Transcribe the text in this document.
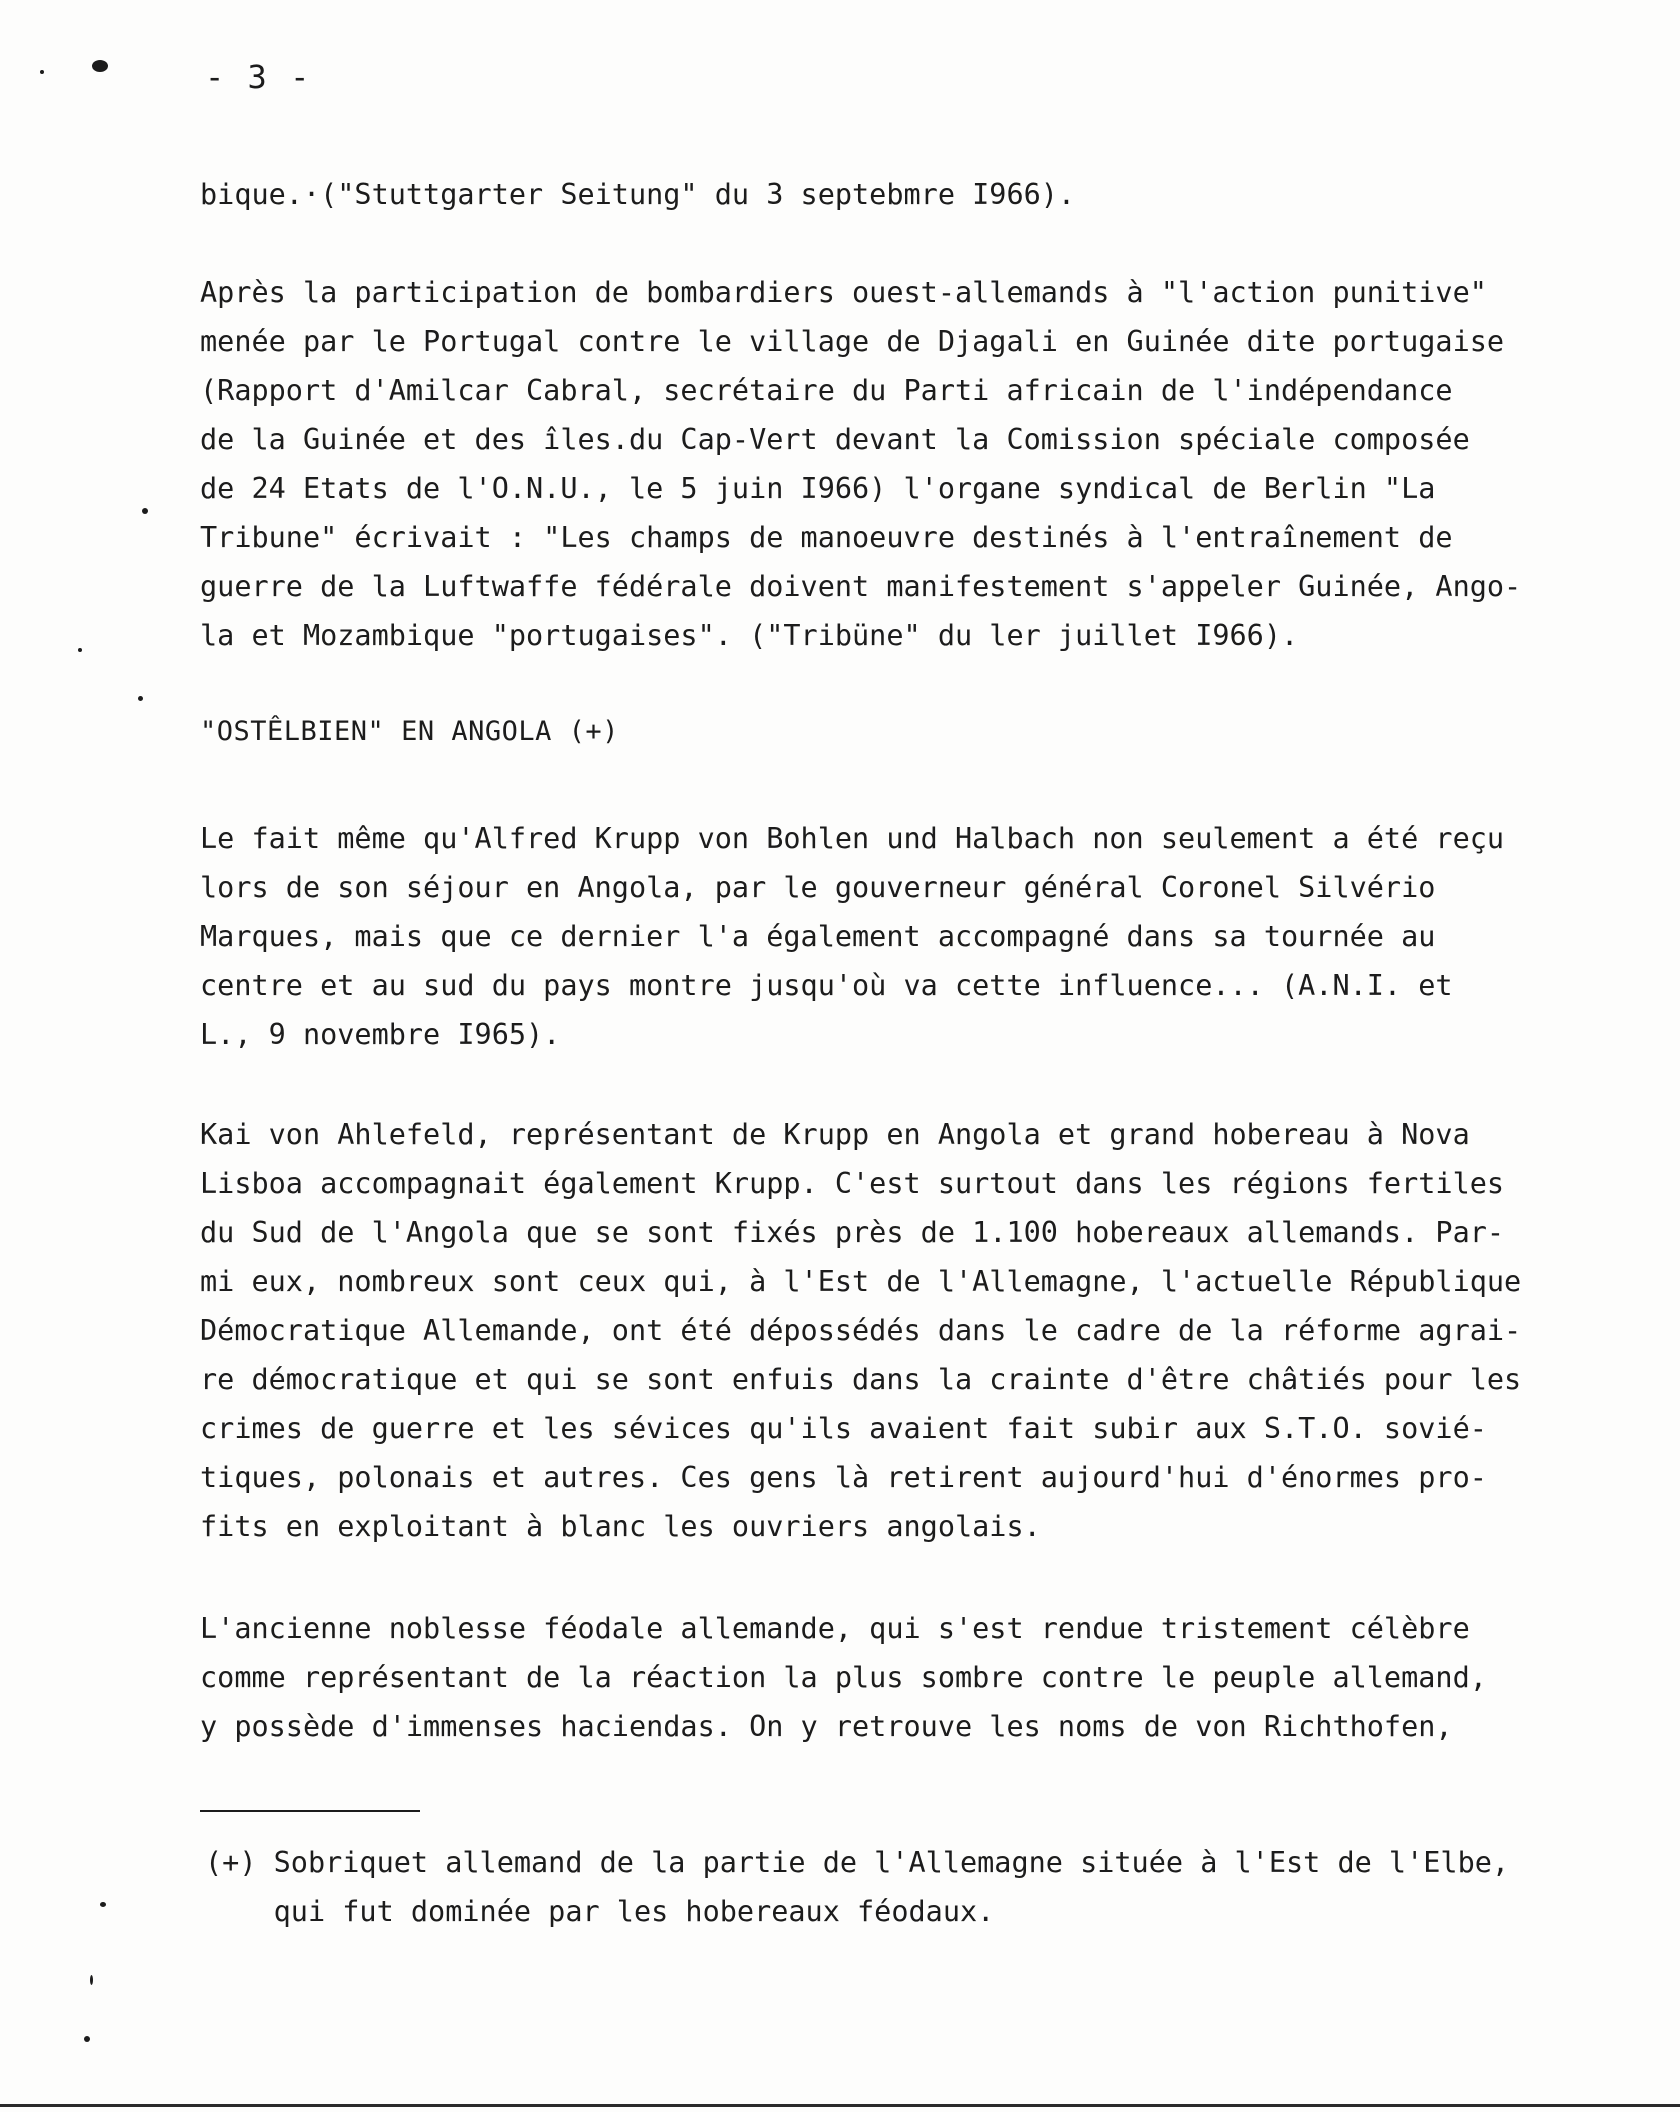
- 3 -
bique.·("Stuttgarter Seitung" du 3 septebmre I966).
Après la participation de bombardiers ouest-allemands à "l'action punitive"
menée par le Portugal contre le village de Djagali en Guinée dite portugaise
(Rapport d'Amilcar Cabral, secrétaire du Parti africain de l'indépendance
de la Guinée et des îles.du Cap-Vert devant la Comission spéciale composée
de 24 Etats de l'O.N.U., le 5 juin I966) l'organe syndical de Berlin "La
Tribune" écrivait : "Les champs de manoeuvre destinés à l'entraînement de
guerre de la Luftwaffe fédérale doivent manifestement s'appeler Guinée, Ango-
la et Mozambique "portugaises". ("Tribüne" du ler juillet I966).
"OSTÊLBIEN" EN ANGOLA (+)
Le fait même qu'Alfred Krupp von Bohlen und Halbach non seulement a été reçu
lors de son séjour en Angola, par le gouverneur général Coronel Silvério
Marques, mais que ce dernier l'a également accompagné dans sa tournée au
centre et au sud du pays montre jusqu'où va cette influence... (A.N.I. et
L., 9 novembre I965).
Kai von Ahlefeld, représentant de Krupp en Angola et grand hobereau à Nova
Lisboa accompagnait également Krupp. C'est surtout dans les régions fertiles
du Sud de l'Angola que se sont fixés près de 1.100 hobereaux allemands. Par-
mi eux, nombreux sont ceux qui, à l'Est de l'Allemagne, l'actuelle République
Démocratique Allemande, ont été dépossédés dans le cadre de la réforme agrai-
re démocratique et qui se sont enfuis dans la crainte d'être châtiés pour les
crimes de guerre et les sévices qu'ils avaient fait subir aux S.T.O. sovié-
tiques, polonais et autres. Ces gens là retirent aujourd'hui d'énormes pro-
fits en exploitant à blanc les ouvriers angolais.
L'ancienne noblesse féodale allemande, qui s'est rendue tristement célèbre
comme représentant de la réaction la plus sombre contre le peuple allemand,
y possède d'immenses haciendas. On y retrouve les noms de von Richthofen,
(+) Sobriquet allemand de la partie de l'Allemagne située à l'Est de l'Elbe,
qui fut dominée par les hobereaux féodaux.
